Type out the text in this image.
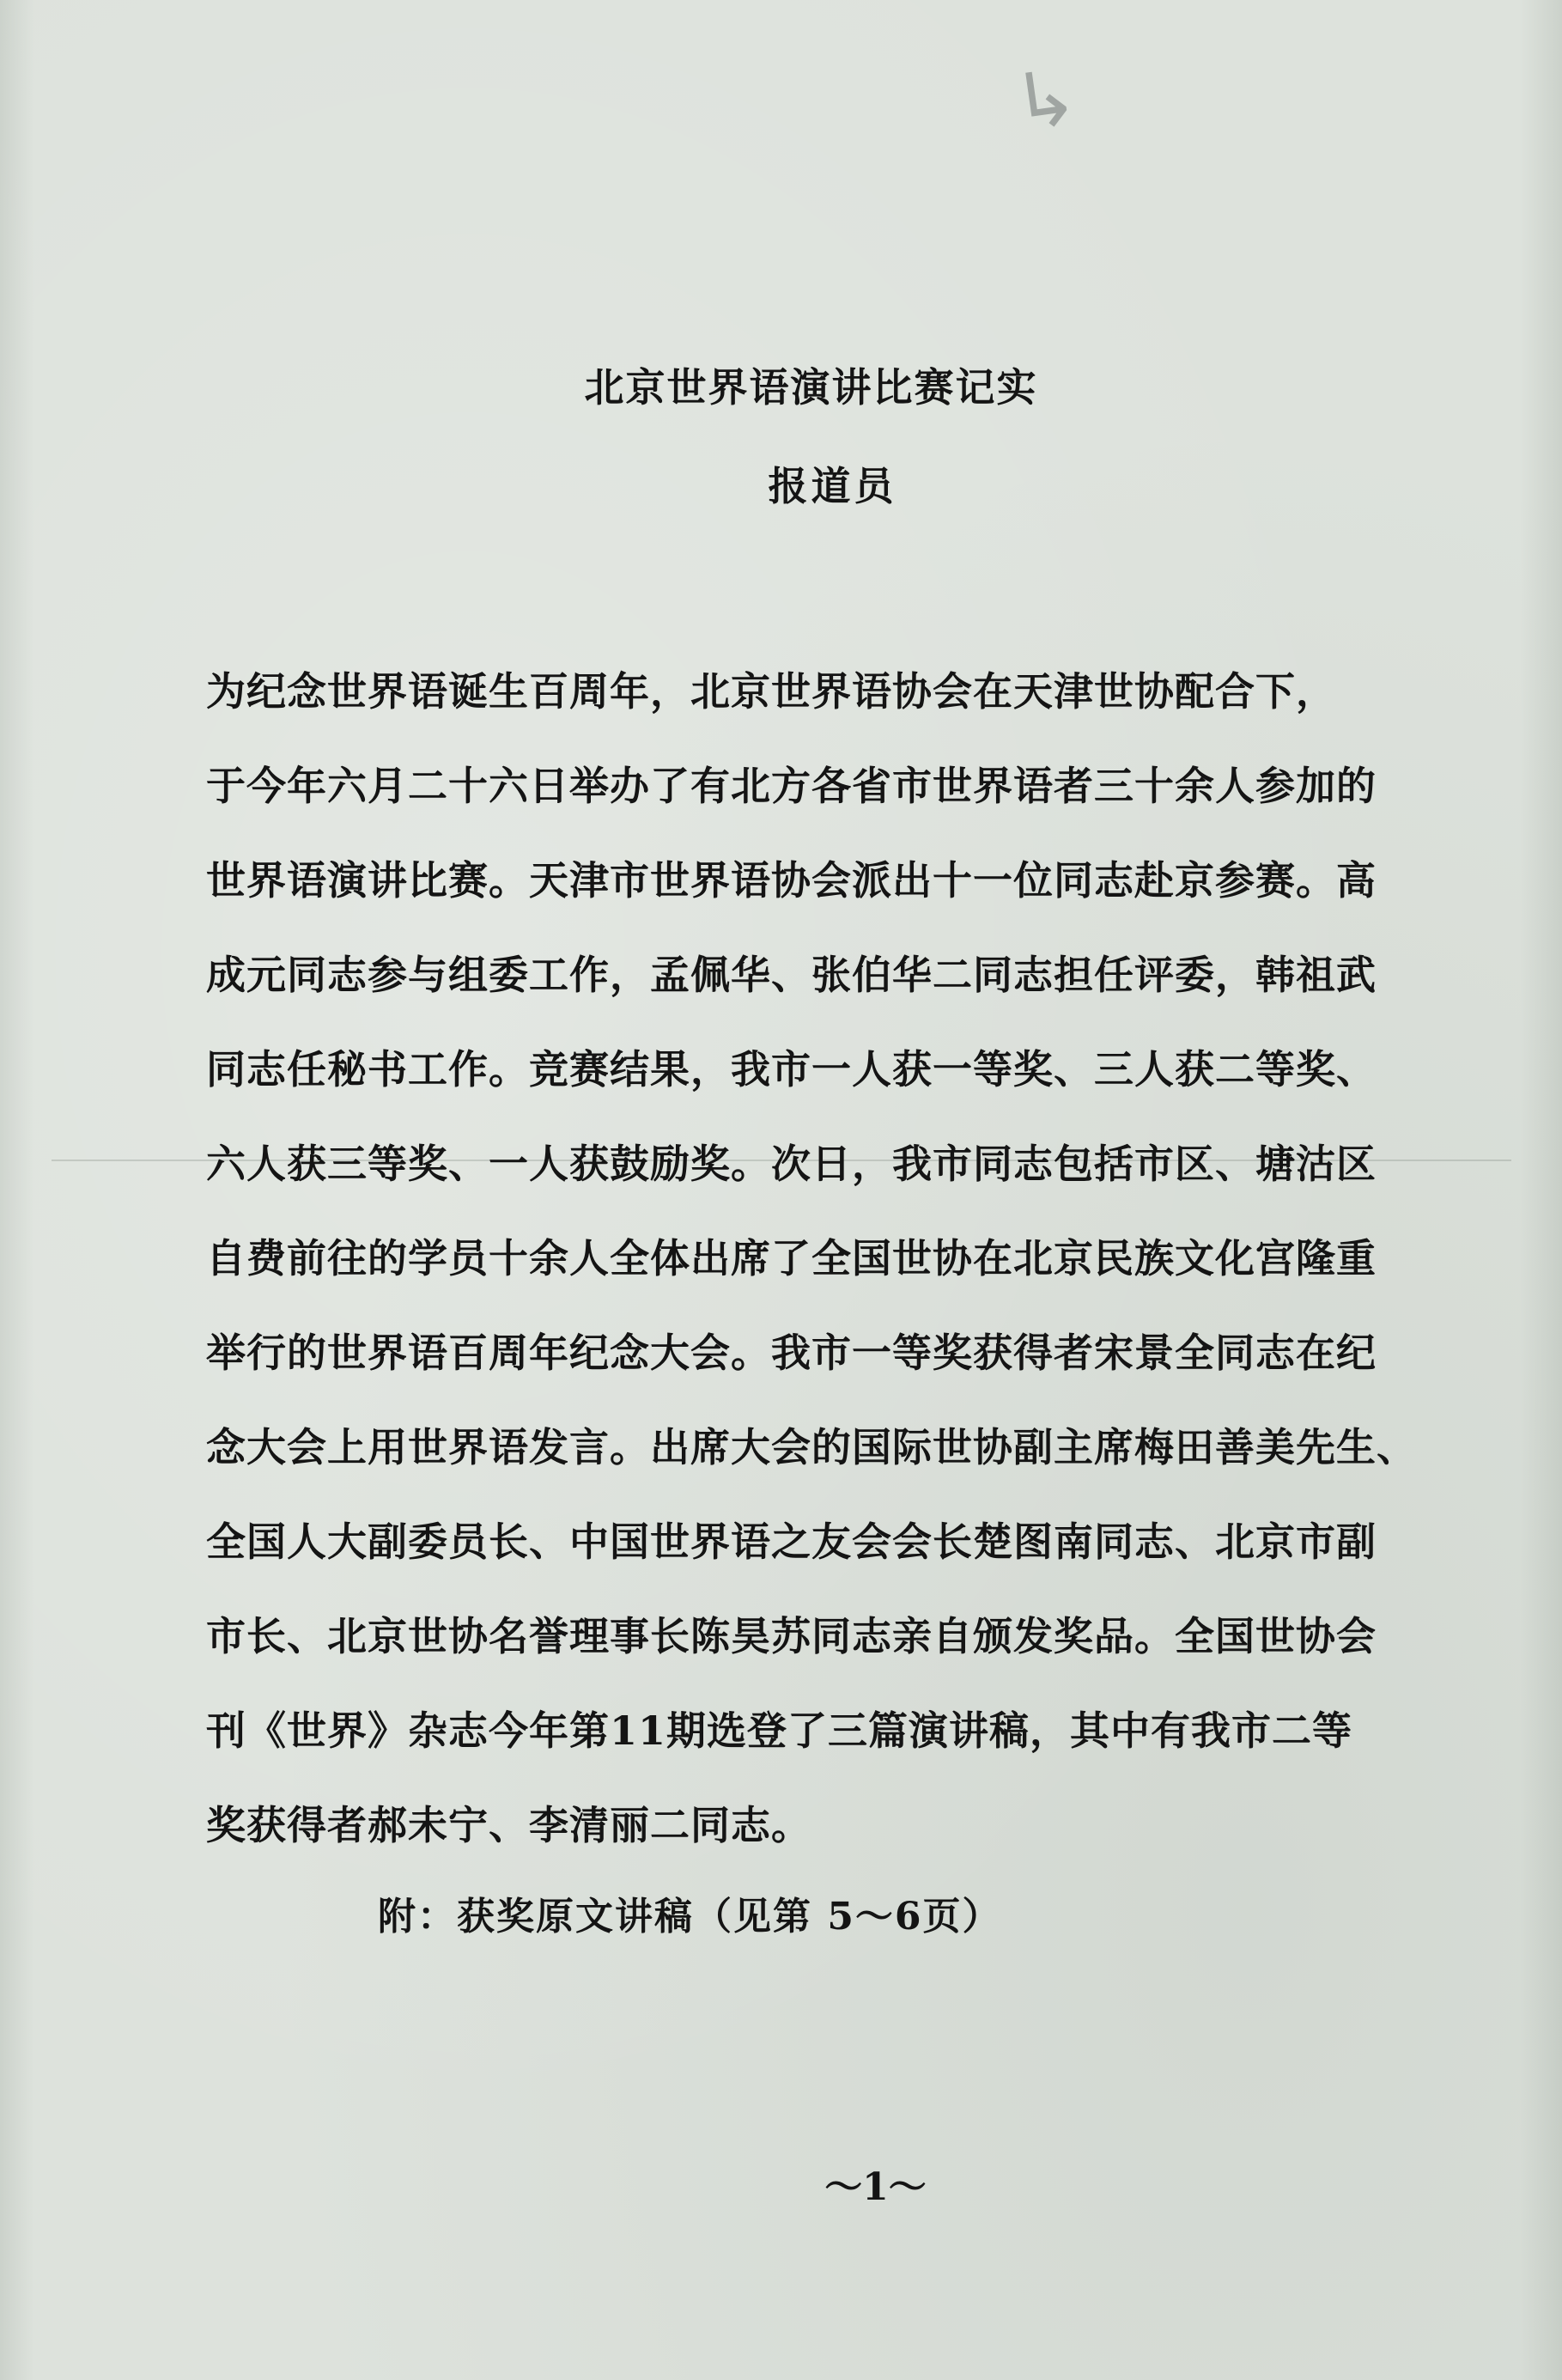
↳
北京世界语演讲比赛记实
报道员
为纪念世界语诞生百周年，北京世界语协会在天津世协配合下，
于今年六月二十六日举办了有北方各省市世界语者三十余人参加的
世界语演讲比赛。天津市世界语协会派出十一位同志赴京参赛。高
成元同志参与组委工作，孟佩华、张伯华二同志担任评委，韩祖武
同志任秘书工作。竞赛结果，我市一人获一等奖、三人获二等奖、
六人获三等奖、一人获鼓励奖。次日，我市同志包括市区、塘沽区
自费前往的学员十余人全体出席了全国世协在北京民族文化宫隆重
举行的世界语百周年纪念大会。我市一等奖获得者宋景全同志在纪
念大会上用世界语发言。出席大会的国际世协副主席梅田善美先生、
全国人大副委员长、中国世界语之友会会长楚图南同志、北京市副
市长、北京世协名誉理事长陈昊苏同志亲自颁发奖品。全国世协会
刊《世界》杂志今年第11期选登了三篇演讲稿，其中有我市二等
奖获得者郝未宁、李清丽二同志。
附：获奖原文讲稿（见第 5～6页）
～1～
